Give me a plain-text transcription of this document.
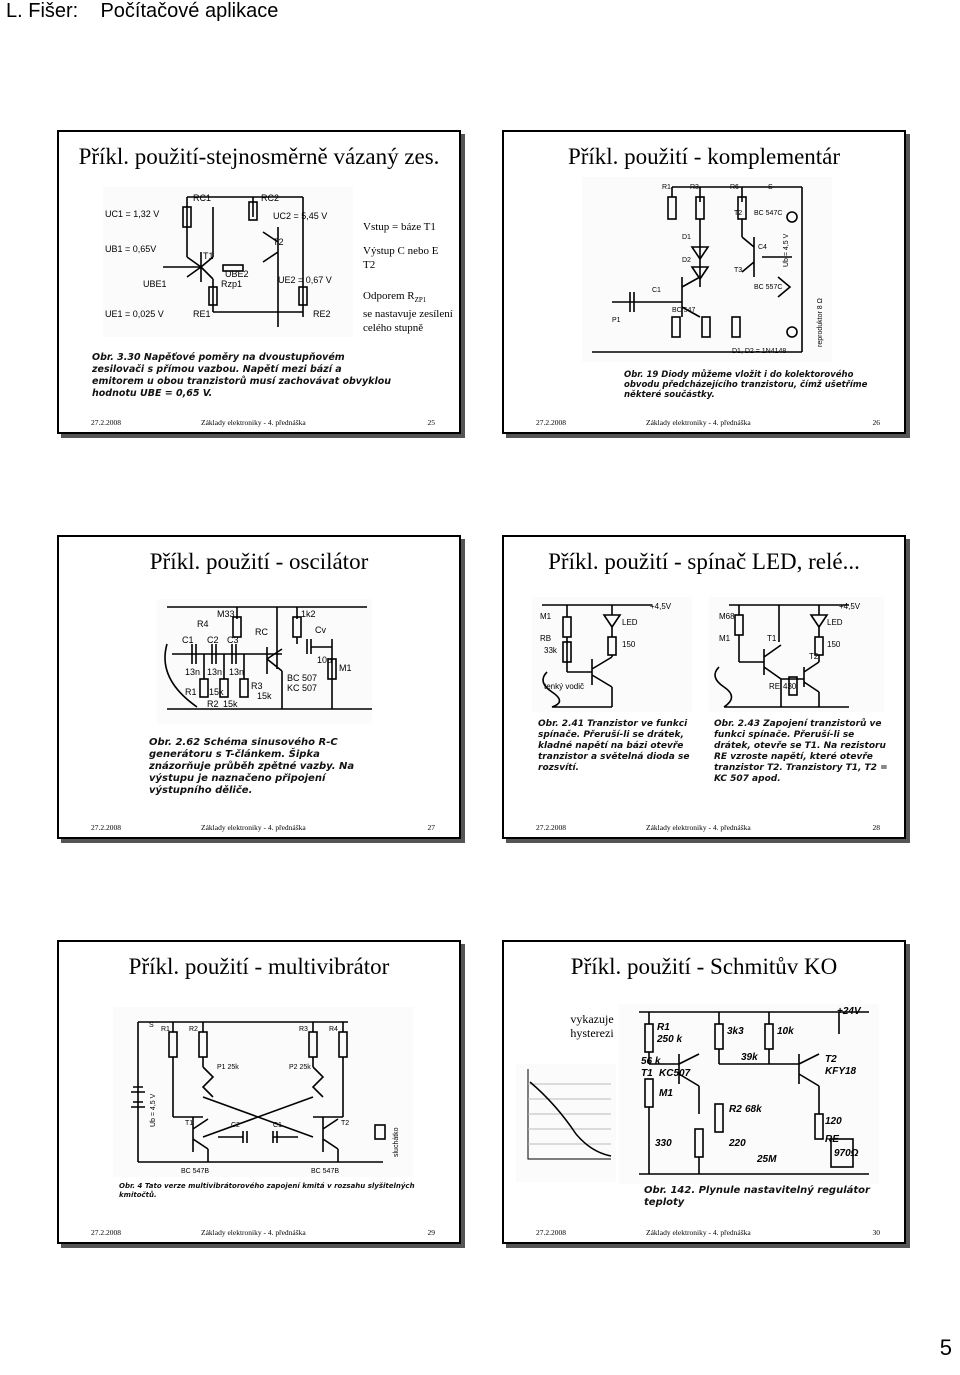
L. Fišer:    Počítačové aplikace
5
Příkl. použití-stejnosměrně vázaný zes.
RC1	RC2
UC1 = 1,32 V	UC2 = 5,45 V
UB1 = 0,65V
T1
T2
UBE2
UBE1	Rzp1	UE2 = 0,67 V
UE1 = 0,025 V	RE1	RE2
Vstup = báze T1
Výstup C nebo E T2
Odporem $R_{ZP1}$
se nastavuje zesílení celého stupně
Obr. 3.30 Napěťové poměry na dvoustupňovém zesilovači s přímou vazbou. Napětí mezi bází a emitorem u obou tranzistorů musí zachovávat obvyklou hodnotu UBE = 0,65 V.
27.2.2008	Základy elektroniky - 4. přednáška	25
Příkl. použití - komplementár
R1	R3	R6	S
BC 547C
T2
D1
D2
C4
C1
P1
BC 547
T3
BC 557C
D1, D2 = 1N4148
Ub = 4,5 V
reproduktor 8 Ω
Obr. 19 Diody můžeme vložit i do kolektorového obvodu předcházejícího tranzistoru, čímž ušetříme některé součástky.
27.2.2008	Základy elektroniky - 4. přednáška	26
Příkl. použití - oscilátor
M33
R4
RC
1k2
Cv
C1 C2 C3
10μ
13n 13n 13n
R1 15k
R2 15k
R3
15k
BC 507
KC 507
M1
Obr. 2.62 Schéma sinusového R-C generátoru s T-článkem. Šipka znázorňuje průběh zpětné vazby. Na výstupu je naznačeno připojení výstupního děliče.
27.2.2008	Základy elektroniky - 4. přednáška	27
Příkl. použití - spínač LED, relé...
+4,5V
M1
RB
33k
LED
150
tenký vodič
+4,5V
M68
M1	T1
LED
150
RE 430
T2
Obr. 2.41 Tranzistor ve funkci spínače. Přeruší-li se drátek, kladné napětí na bázi otevře tranzistor a světelná dioda se rozsvítí.
Obr. 2.43 Zapojení tranzistorů ve funkci spínače. Přeruší-li se drátek, otevře se T1. Na rezistoru RE vzroste napětí, které otevře tranzistor T2. Tranzistory T1, T2 = KC 507 apod.
27.2.2008	Základy elektroniky - 4. přednáška	28
Příkl. použití - multivibrátor
S
R1	R2	R3	R4
P1 25k	P2 25k
T1	T2
C2	C1
BC 547B	BC 547B
Ub = 4,5 V
sluchátko
Obr. 4 Tato verze multivibrátorového zapojení kmitá v rozsahu slyšitelných kmitočtů.
27.2.2008	Základy elektroniky - 4. přednáška	29
Příkl. použití - Schmitův KO
vykazuje hysterezi
+24V
R1
250 k
3k3	10k
56 k
T1 KC507
39k	T2
KFY18
M1
R2 68k
120
RE
970Ω
330	220
25M
Obr. 142. Plynule nastavitelný regulátor teploty
27.2.2008	Základy elektroniky - 4. přednáška	30
